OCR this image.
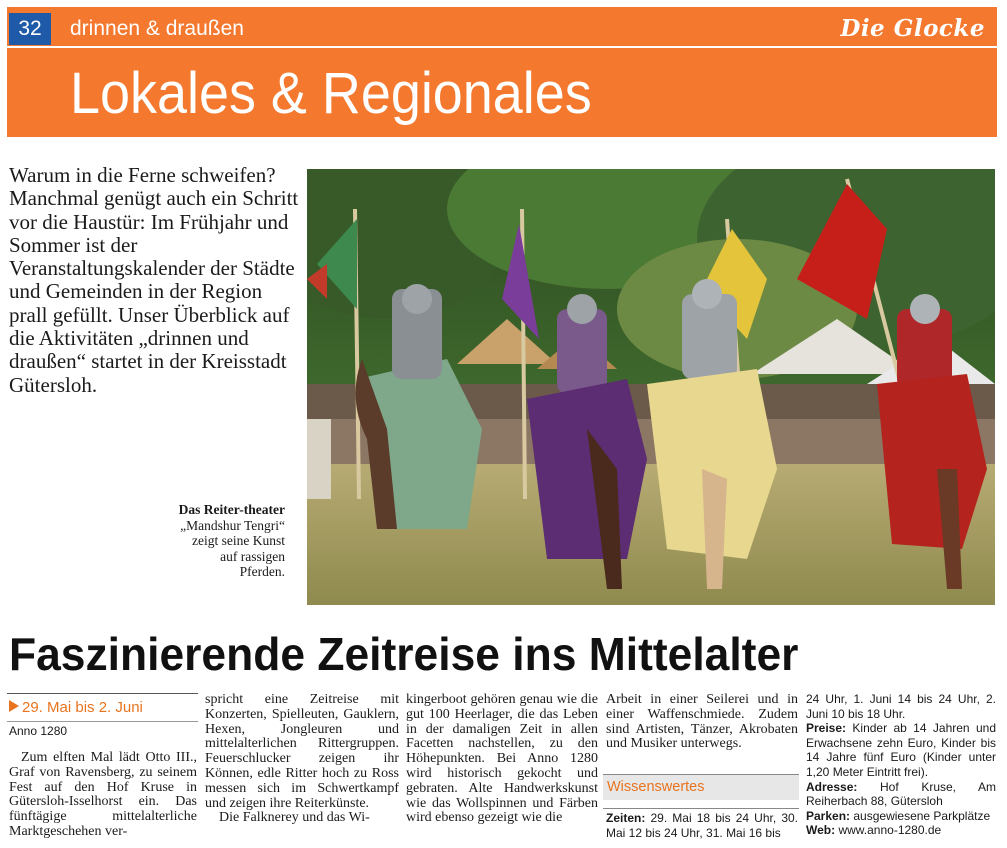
32	drinnen & draußen	Die Glocke
Lokales & Regionales
Warum in die Ferne schweifen? Manchmal genügt auch ein Schritt vor die Haustür: Im Frühjahr und Sommer ist der Veranstaltungskalender der Städte und Gemeinden in der Region prall gefüllt. Unser Überblick auf die Aktivitäten „drinnen und draußen“ startet in der Kreisstadt Gütersloh.
Das Reiter-theater
„Mandshur Tengri“ zeigt seine Kunst auf rassigen Pferden.
Faszinierende Zeitreise ins Mittelalter
29. Mai bis 2. Juni
Anno 1280
Zum elften Mal lädt Otto III., Graf von Ravensberg, zu seinem Fest auf den Hof Kruse in Gütersloh-Isselhorst ein. Das fünftägige mittelalterliche Marktgeschehen ver-
spricht eine Zeitreise mit Konzerten, Spielleuten, Gauklern, Hexen, Jongleuren und mittelalterlichen Rittergruppen. Feuerschlucker zeigen ihr Können, edle Ritter hoch zu Ross messen sich im Schwertkampf und zeigen ihre Reiterkünste.
Die Falknerey und das Wi-
kingerboot gehören genau wie die gut 100 Heerlager, die das Leben in der damaligen Zeit in allen Facetten nachstellen, zu den Höhepunkten. Bei Anno 1280 wird historisch gekocht und gebraten. Alte Handwerkskunst wie das Wollspinnen und Färben wird ebenso gezeigt wie die
Arbeit in einer Seilerei und in einer Waffenschmiede. Zudem sind Artisten, Tänzer, Akrobaten und Musiker unterwegs.
Wissenswertes
Zeiten: 29. Mai 18 bis 24 Uhr, 30. Mai 12 bis 24 Uhr, 31. Mai 16 bis
24 Uhr, 1. Juni 14 bis 24 Uhr, 2. Juni 10 bis 18 Uhr.
Preise: Kinder ab 14 Jahren und Erwachsene zehn Euro, Kinder bis 14 Jahre fünf Euro (Kinder unter 1,20 Meter Eintritt frei).
Adresse: Hof Kruse, Am Reiherbach 88, Gütersloh
Parken: ausgewiesene Parkplätze
Web: www.anno-1280.de
